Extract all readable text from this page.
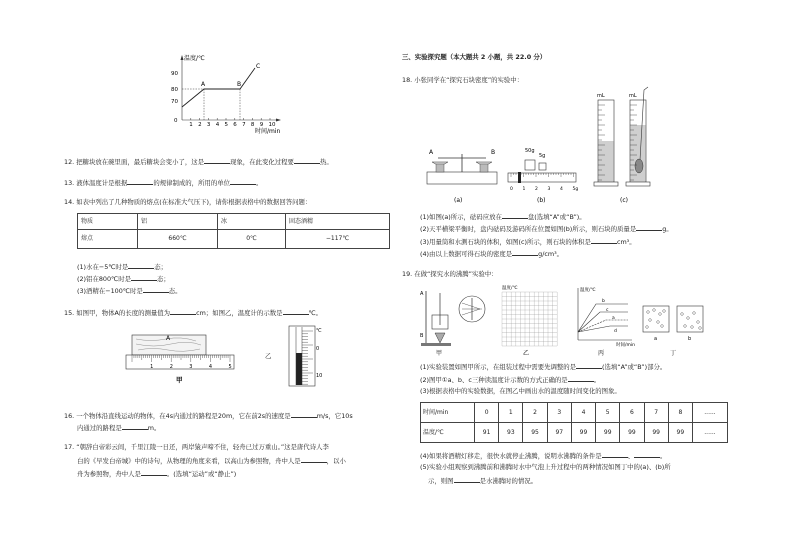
温度/℃
时间/min
0
70
80
90
1 2 3 4 5 6 7 8 9 10
A	B
C
12. 把糖块放在碗里面，最后糖块会变小了，这是	现象，在此变化过程要	热。
13. 液体温度计是根据	的规律制成的，所用的单位	。
14. 如表中列出了几种物质的熔点(在标准大气压下)，请你根据表格中的数据回答问题：
物质	铝	冰	固态酒精
熔点	660℃	0℃	−117℃
(1)水在−5℃时是	态；
(2)铝在800℃时是	态；
(3)酒精在−100℃时是	态。
15. 如图甲，物体A的长度的测量值为	cm；如图乙，温度计的示数是	℃。
A
1	2	3	4	5
甲
乙
℃
0
10
16. 一个物体沿直线运动的物体，在4s内通过的路程是20m，它在前2s的速度是	m/s，它10s
内通过的路程是	m。
17. “朝辞白帝彩云间，千里江陵一日还，两岸猿声啼不住，轻舟已过万重山。”这是唐代诗人李
白的《早发白帝城》中的诗句，从物理的角度来看，以高山为参照物，舟中人是	，以小
舟为参照物，舟中人是	。(选填“运动”或“静止”)
三、实验探究题（本大题共 2 小题，共 22.0 分）
18. 小张同学在“探究石块密度”的实验中：
A	B
(a)
50g
5g
0 1 2 3 4 5g
(b)
mL	mL
(c)
(1)如图(a)所示，砝码应放在	盘(选填“A”或“B”)。
(2)天平横梁平衡时，盘内砝码及游码所在位置如图(b)所示，则石块的质量是	g。
(3)用量筒和水测石块的体积，如图(c)所示，则石块的体积是	cm³。
(4)由以上数据可得石块的密度是	g/cm³。
19. 在做“探究水的沸腾”实验中：
A
B
甲
温度/℃
乙
温度/℃
时间/min
b
c
a
d
丙
a	b
丁
(1)实验装置如图甲所示，在组装过程中需要先调整的是	(选填“A”或“B”)部分。
(2)图甲①a、b、c三种读温度计示数的方式正确的是	。
(3)根据表格中的实验数据，在图乙中画出水的温度随时间变化的图象。
时间/min	0	1	2	3	4	5	6	7	8	......
温度/℃	91	93	95	97	99	99	99	99	99	......
(4)如果将酒精灯移走，很快水就停止沸腾，说明水沸腾的条件是	、	。
(5)实验小组观察到沸腾前和沸腾时水中气泡上升过程中的两种情况如图丁中的(a)、(b)所
示，则图	是水沸腾时的情况。
